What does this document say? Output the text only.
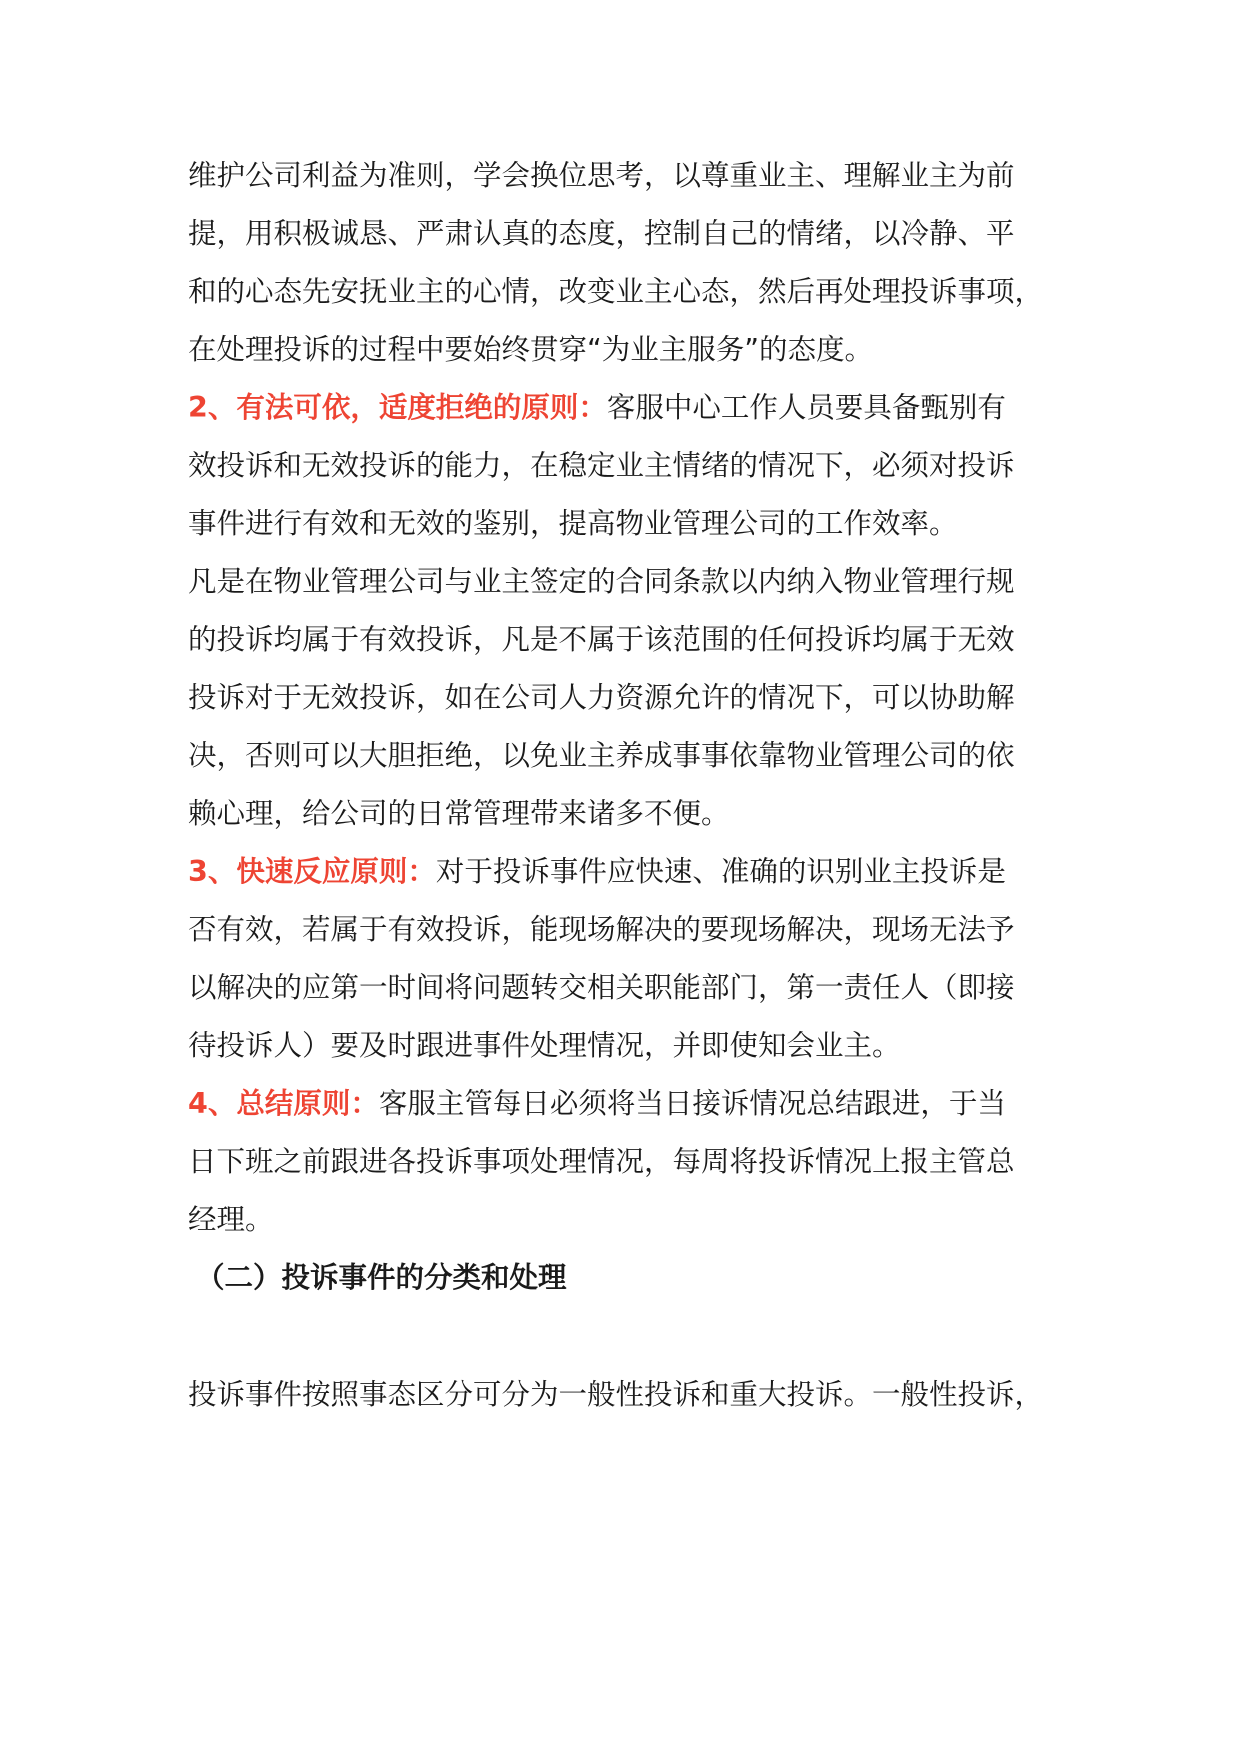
维护公司利益为准则，学会换位思考，以尊重业主、理解业主为前
提，用积极诚恳、严肃认真的态度，控制自己的情绪，以冷静、平
和的心态先安抚业主的心情，改变业主心态，然后再处理投诉事项，
在处理投诉的过程中要始终贯穿“为业主服务”的态度。
2、有法可依，适度拒绝的原则：客服中心工作人员要具备甄别有
效投诉和无效投诉的能力，在稳定业主情绪的情况下，必须对投诉
事件进行有效和无效的鉴别，提高物业管理公司的工作效率。
凡是在物业管理公司与业主签定的合同条款以内纳入物业管理行规
的投诉均属于有效投诉，凡是不属于该范围的任何投诉均属于无效
投诉对于无效投诉，如在公司人力资源允许的情况下，可以协助解
决，否则可以大胆拒绝，以免业主养成事事依靠物业管理公司的依
赖心理，给公司的日常管理带来诸多不便。
3、快速反应原则：对于投诉事件应快速、准确的识别业主投诉是
否有效，若属于有效投诉，能现场解决的要现场解决，现场无法予
以解决的应第一时间将问题转交相关职能部门，第一责任人（即接
待投诉人）要及时跟进事件处理情况，并即使知会业主。
4、总结原则：客服主管每日必须将当日接诉情况总结跟进，于当
日下班之前跟进各投诉事项处理情况，每周将投诉情况上报主管总
经理。
（二）投诉事件的分类和处理
投诉事件按照事态区分可分为一般性投诉和重大投诉。一般性投诉，
